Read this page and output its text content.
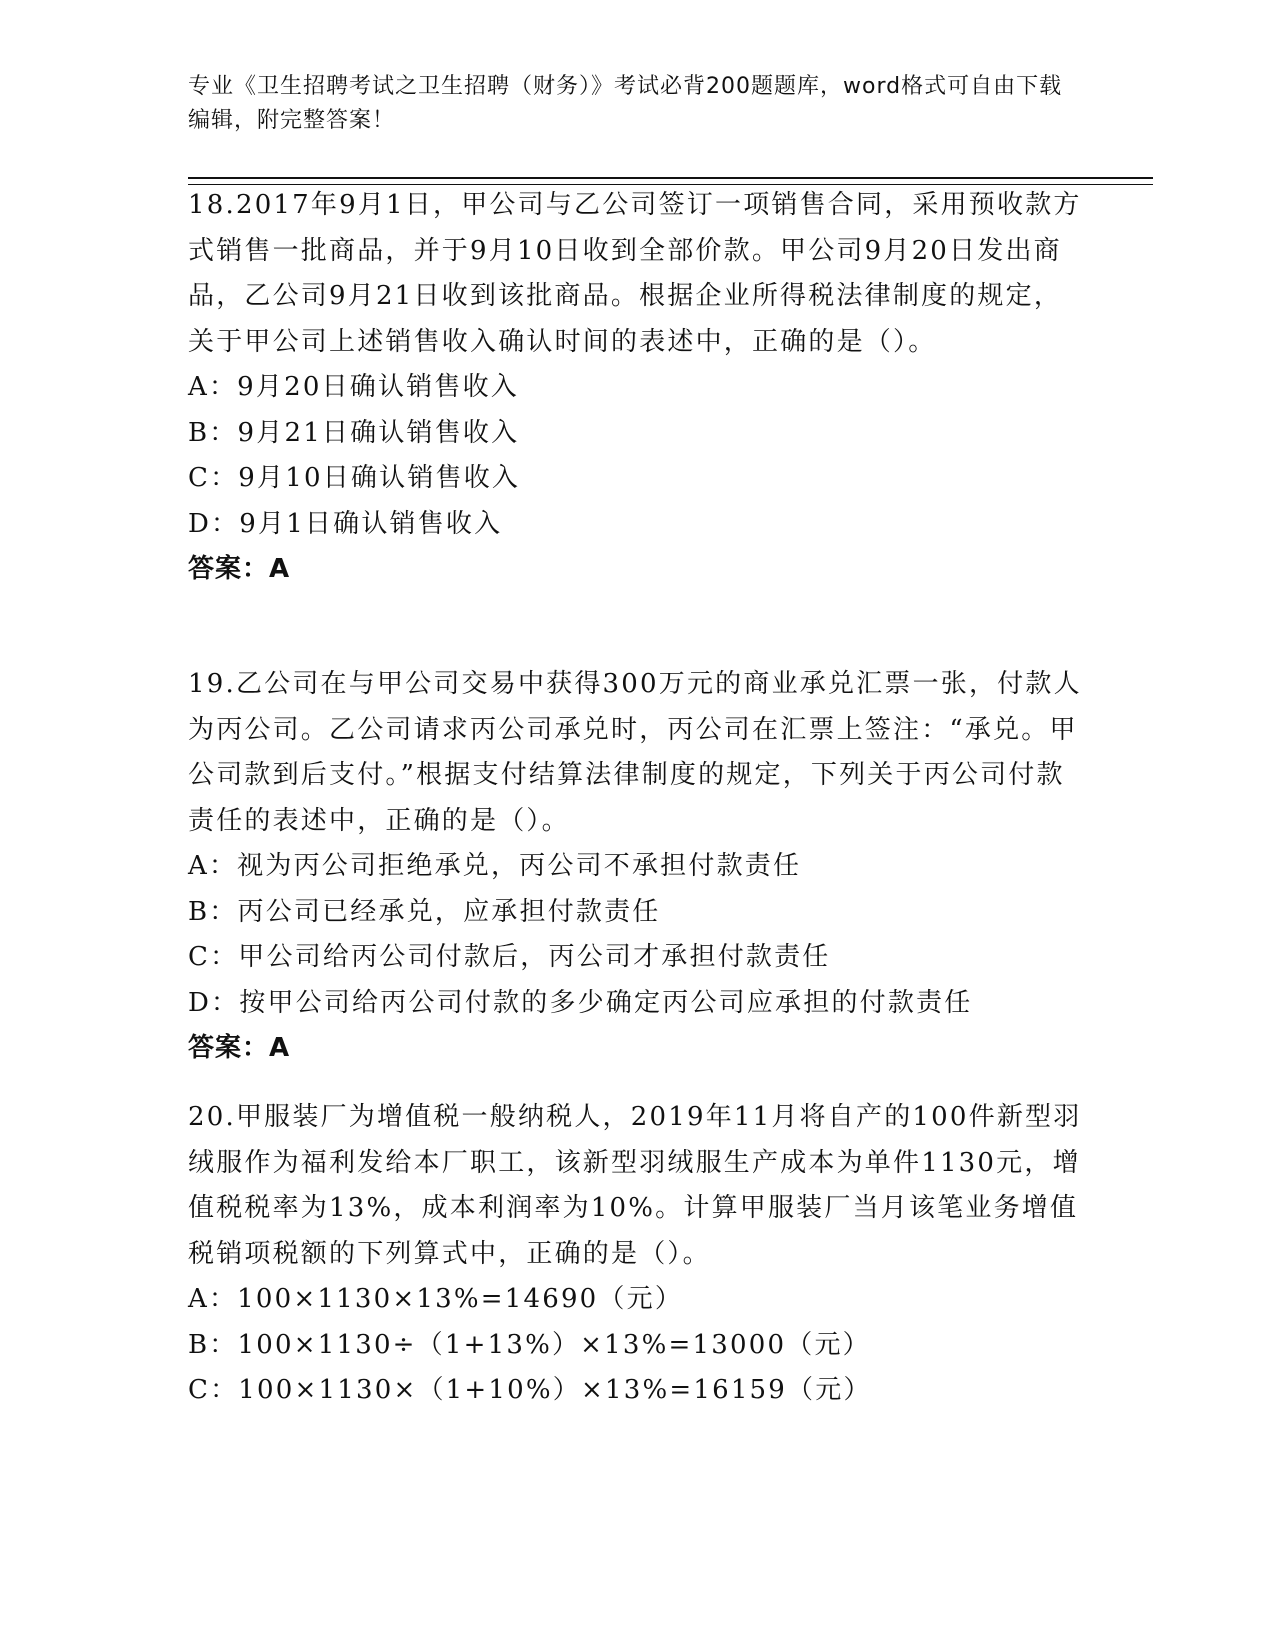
专业《卫生招聘考试之卫生招聘（财务）》考试必背200题题库，word格式可自由下载编辑，附完整答案！

18.2017年9月1日，甲公司与乙公司签订一项销售合同，采用预收款方式销售一批商品，并于9月10日收到全部价款。甲公司9月20日发出商品，乙公司9月21日收到该批商品。根据企业所得税法律制度的规定，关于甲公司上述销售收入确认时间的表述中，正确的是（）。

A：9月20日确认销售收入

B：9月21日确认销售收入

C：9月10日确认销售收入

D：9月1日确认销售收入

答案：A

19.乙公司在与甲公司交易中获得300万元的商业承兑汇票一张，付款人为丙公司。乙公司请求丙公司承兑时，丙公司在汇票上签注：“承兑。甲公司款到后支付。”根据支付结算法律制度的规定，下列关于丙公司付款责任的表述中，正确的是（）。

A：视为丙公司拒绝承兑，丙公司不承担付款责任

B：丙公司已经承兑，应承担付款责任

C：甲公司给丙公司付款后，丙公司才承担付款责任

D：按甲公司给丙公司付款的多少确定丙公司应承担的付款责任

答案：A

20.甲服装厂为增值税一般纳税人，2019年11月将自产的100件新型羽绒服作为福利发给本厂职工，该新型羽绒服生产成本为单件1130元，增值税税率为13%，成本利润率为10%。计算甲服装厂当月该笔业务增值税销项税额的下列算式中，正确的是（）。

A：100×1130×13%=14690（元）

B：100×1130÷（1+13%）×13%=13000（元）

C：100×1130×（1+10%）×13%=16159（元）
